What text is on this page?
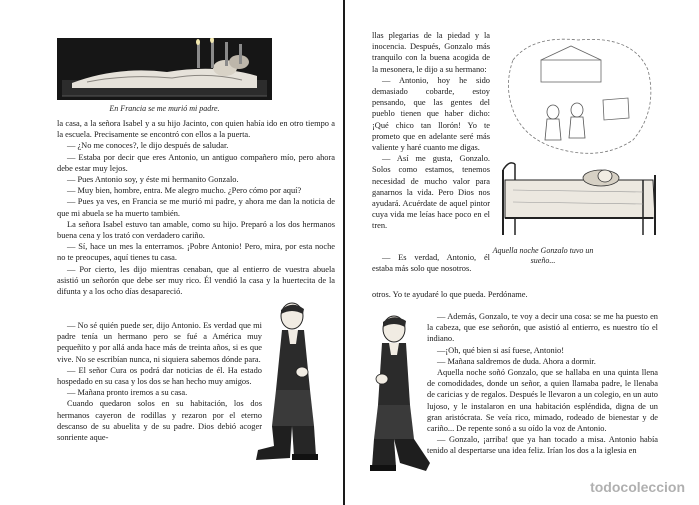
En Francia se me murió mi padre.

la casa, a la señora Isabel y a su hijo Jacinto, con quien había ido en otro tiempo a la escuela. Precisamente se encontró con ellos a la puerta.

— ¿No me conoces?, le dijo después de saludar.

— Estaba por decir que eres Antonio, un antiguo compañero mío, pero ahora debe estar muy lejos.

— Pues Antonio soy, y éste mi hermanito Gonzalo.

— Muy bien, hombre, entra. Me alegro mucho. ¿Pero cómo por aquí?

— Pues ya ves, en Francia se me murió mi padre, y ahora me dan la noticia de que mi abuela se ha muerto también.

La señora Isabel estuvo tan amable, como su hijo. Preparó a los dos hermanos buena cena y los trató con verdadero cariño.

— Sí, hace un mes la enterramos. ¡Pobre Antonio! Pero, mira, por esta noche no te preocupes, aquí tienes tu casa.

— Por cierto, les dijo mientras cenaban, que al entierro de vuestra abuela asistió un señorón que debe ser muy rico. Él vendió la casa y la huertecita de la difunta y a los ocho días desapareció.

— No sé quién puede ser, dijo Antonio. Es verdad que mi padre tenía un hermano pero se fué a América muy pequeñito y por allá anda hace más de treinta años, si es que vive. No se escribían nunca, ni siquiera sabemos dónde para.

— El señor Cura os podrá dar noticias de él. Ha estado hospedado en su casa y los dos se han hecho muy amigos.

— Mañana pronto iremos a su casa.

Cuando quedaron solos en su habitación, los dos hermanos cayeron de rodillas y rezaron por el eterno descanso de su abuelita y de su padre. Dios debió acoger sonriente aque-

llas plegarias de la piedad y la inocencia. Después, Gonzalo más tranquilo con la buena acogida de la mesonera, le dijo a su hermano:

— Antonio, hoy he sido demasiado cobarde, estoy pensando, que las gentes del pueblo tienen que haber dicho: ¡Qué chico tan llorón! Yo te prometo que en adelante seré más valiente y haré cuanto me digas.

— Así me gusta, Gonzalo. Solos como estamos, tenemos necesidad de mucho valor para ganarnos la vida. Pero Dios nos ayudará. Acuérdate de aquel pintor cuya vida me leías hace poco en el tren.

Aquella noche Gonzalo tuvo un sueño...

— Es verdad, Antonio, él estaba más solo que nosotros.

otros. Yo te ayudaré lo que pueda. Perdóname.

— Además, Gonzalo, te voy a decir una cosa: se me ha puesto en la cabeza, que ese señorón, que asistió al entierro, es nuestro tío el indiano.

—¡Oh, qué bien si así fuese, Antonio!

— Mañana saldremos de duda. Ahora a dormir.

Aquella noche soñó Gonzalo, que se hallaba en una quinta llena de comodidades, donde un señor, a quien llamaba padre, le llenaba de caricias y de regalos. Después le llevaron a un colegio, en un auto lujoso, y le instalaron en una habitación espléndida, digna de un gran aristócrata. Se veía rico, mimado, rodeado de bienestar y de cariño... De repente sonó a su oído la voz de Antonio.

— Gonzalo, ¡arriba! que ya han tocado a misa. Antonio había tenido al despertarse una idea feliz. Irían los dos a la iglesia en

todocoleccion
